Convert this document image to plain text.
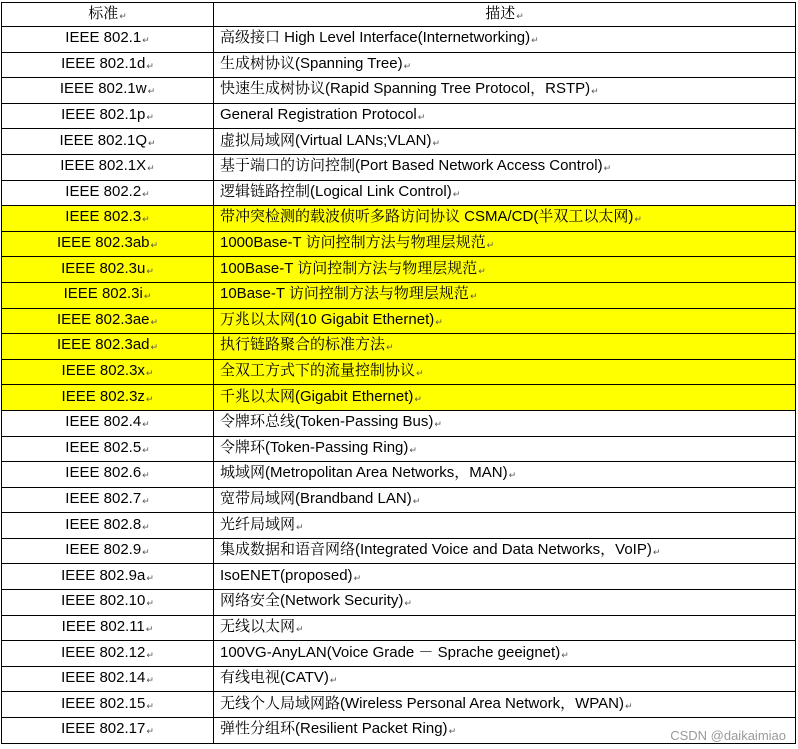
标准↵	描述↵
IEEE 802.1↵	高级接口 High Level Interface(Internetworking)↵
IEEE 802.1d↵	生成树协议(Spanning Tree)↵
IEEE 802.1w↵	快速生成树协议(Rapid Spanning Tree Protocol，RSTP)↵
IEEE 802.1p↵	General Registration Protocol↵
IEEE 802.1Q↵	虚拟局域网(Virtual LANs;VLAN)↵
IEEE 802.1X↵	基于端口的访问控制(Port Based Network Access Control)↵
IEEE 802.2↵	逻辑链路控制(Logical Link Control)↵
IEEE 802.3↵	带冲突检测的载波侦听多路访问协议 CSMA/CD(半双工以太网)↵
IEEE 802.3ab↵	1000Base-T 访问控制方法与物理层规范↵
IEEE 802.3u↵	100Base-T 访问控制方法与物理层规范↵
IEEE 802.3i↵	10Base-T 访问控制方法与物理层规范↵
IEEE 802.3ae↵	万兆以太网(10 Gigabit Ethernet)↵
IEEE 802.3ad↵	执行链路聚合的标准方法↵
IEEE 802.3x↵	全双工方式下的流量控制协议↵
IEEE 802.3z↵	千兆以太网(Gigabit Ethernet)↵
IEEE 802.4↵	令牌环总线(Token-Passing Bus)↵
IEEE 802.5↵	令牌环(Token-Passing Ring)↵
IEEE 802.6↵	城域网(Metropolitan Area Networks，MAN)↵
IEEE 802.7↵	宽带局域网(Brandband LAN)↵
IEEE 802.8↵	光纤局域网↵
IEEE 802.9↵	集成数据和语音网络(Integrated Voice and Data Networks，VoIP)↵
IEEE 802.9a↵	IsoENET(proposed)↵
IEEE 802.10↵	网络安全(Network Security)↵
IEEE 802.11↵	无线以太网↵
IEEE 802.12↵	100VG-AnyLAN(Voice Grade － Sprache geeignet)↵
IEEE 802.14↵	有线电视(CATV)↵
IEEE 802.15↵	无线个人局域网路(Wireless Personal Area Network，WPAN)↵
IEEE 802.17↵	弹性分组环(Resilient Packet Ring)↵	CSDN @daikaimiao
